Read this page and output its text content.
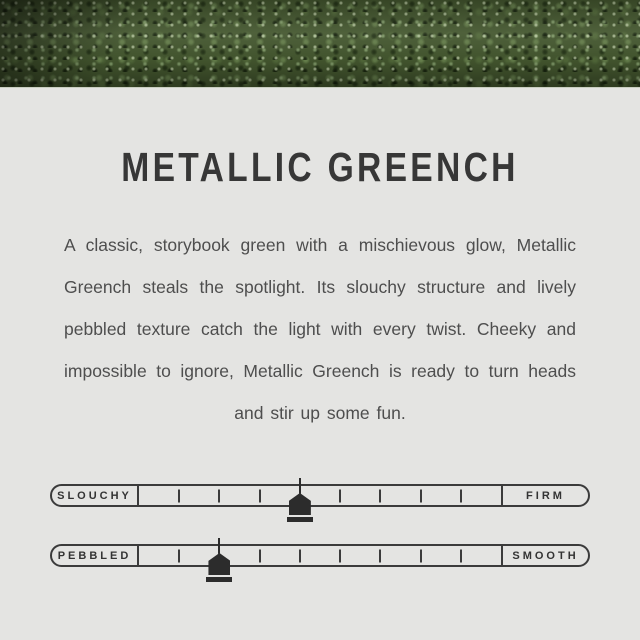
METALLIC GREENCH

A classic, storybook green with a mischievous glow, Metallic Greench steals the spotlight. Its slouchy structure and lively pebbled texture catch the light with every twist. Cheeky and impossible to ignore, Metallic Greench is ready to turn heads and stir up some fun.

SLOUCHY	FIRM
PEBBLED	SMOOTH
